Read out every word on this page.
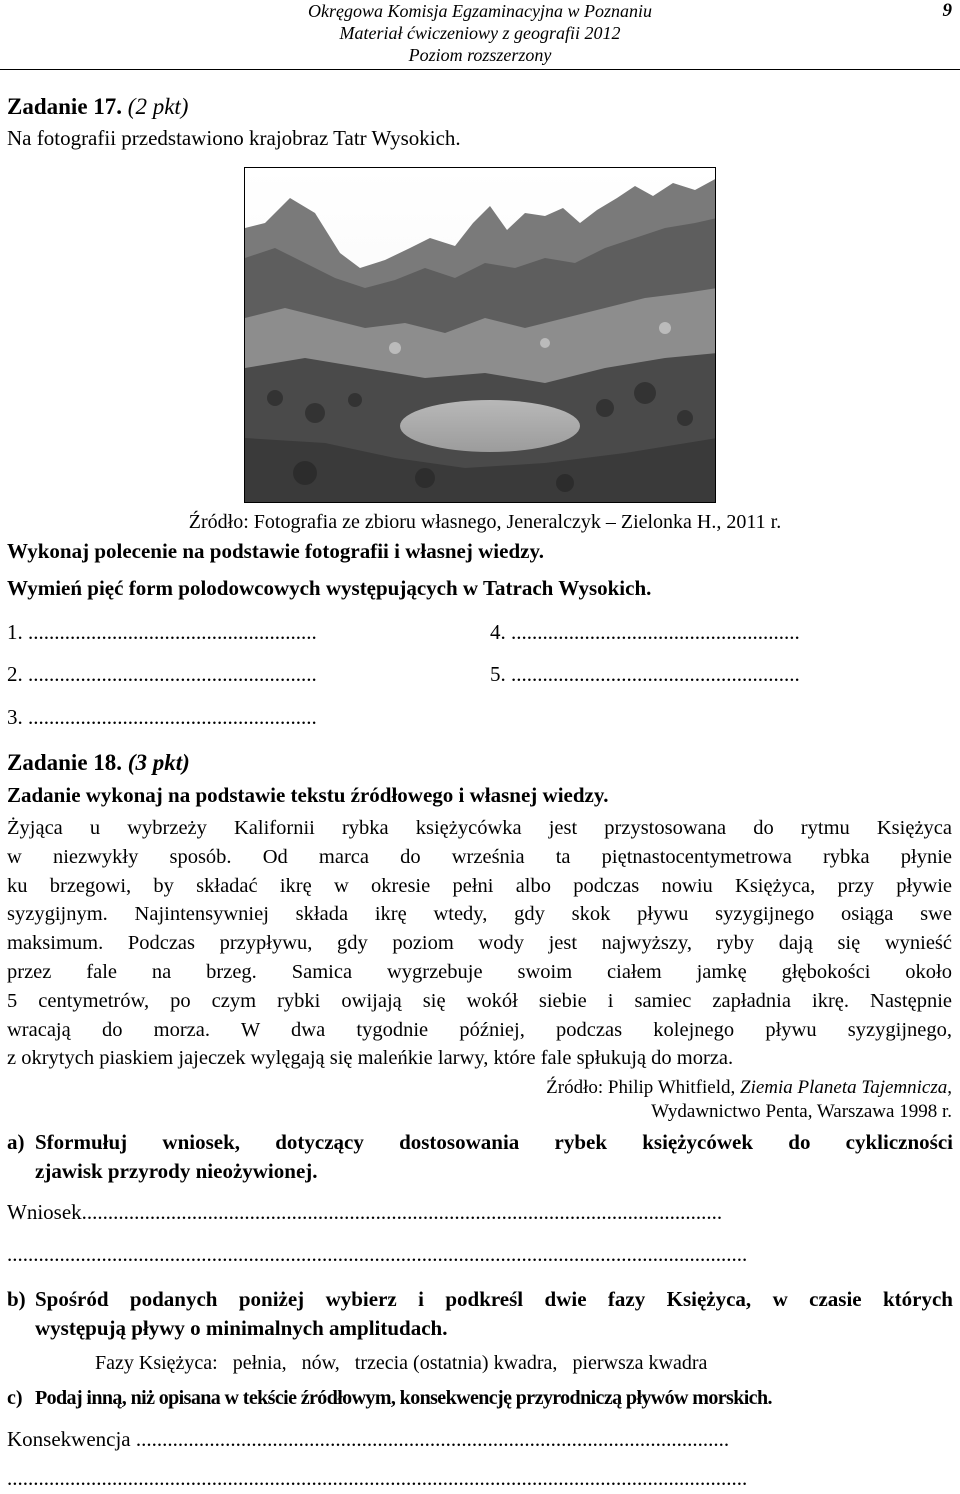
Okręgowa Komisja Egzaminacyjna w Poznaniu
Materiał ćwiczeniowy z geografii 2012
Poziom rozszerzony
9
Zadanie 17. (2 pkt)
Na fotografii przedstawiono krajobraz Tatr Wysokich.
Źródło: Fotografia ze zbioru własnego, Jeneralczyk – Zielonka H., 2011 r.
Wykonaj polecenie na podstawie fotografii i własnej wiedzy.
Wymień pięć form polodowcowych występujących w Tatrach Wysokich.
1. .......................................................
2. .......................................................
3. .......................................................
4. .......................................................
5. .......................................................
Zadanie 18. (3 pkt)
Zadanie wykonaj na podstawie tekstu źródłowego i własnej wiedzy.
Żyjąca u wybrzeży Kalifornii rybka księżycówka jest przystosowana do rytmu Księżyca
w niezwykły sposób. Od marca do września ta piętnastocentymetrowa rybka płynie
ku brzegowi, by składać ikrę w okresie pełni albo podczas nowiu Księżyca, przy pływie
syzygijnym. Najintensywniej składa ikrę wtedy, gdy skok pływu syzygijnego osiąga swe
maksimum. Podczas przypływu, gdy poziom wody jest najwyższy, ryby dają się wynieść
przez fale na brzeg. Samica wygrzebuje swoim ciałem jamkę głębokości około
5 centymetrów, po czym rybki owijają się wokół siebie i samiec zapładnia ikrę. Następnie
wracają do morza. W dwa tygodnie później, podczas kolejnego pływu syzygijnego,
z okrytych piaskiem jajeczek wylęgają się maleńkie larwy, które fale spłukują do morza.
Źródło: Philip Whitfield, Ziemia Planeta Tajemnicza,
Wydawnictwo Penta, Warszawa 1998 r.
a) Sformułuj wniosek, dotyczący dostosowania rybek księżycówek do cykliczności
zjawisk przyrody nieożywionej.
Wniosek..........................................................................................................................
.............................................................................................................................................
b) Spośród podanych poniżej wybierz i podkreśl dwie fazy Księżyca, w czasie których
występują pływy o minimalnych amplitudach.
Fazy Księżyca: pełnia, nów, trzecia (ostatnia) kwadra, pierwsza kwadra
c) Podaj inną, niż opisana w tekście źródłowym, konsekwencję przyrodniczą pływów morskich.
Konsekwencja .................................................................................................................
.............................................................................................................................................
